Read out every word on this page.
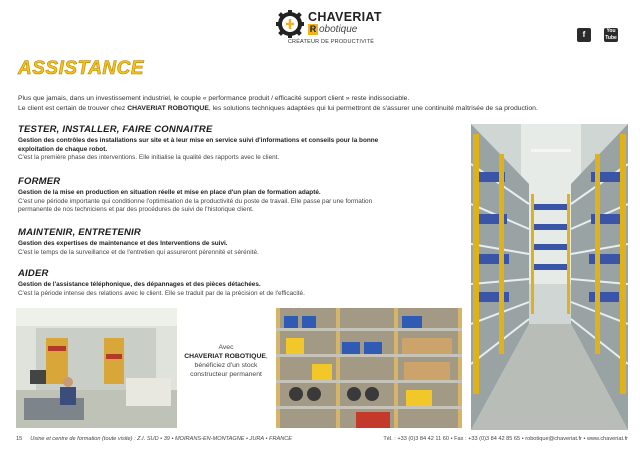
CHAVERIAT
R obotique
CRÉATEUR DE PRODUCTIVITÉ
f	You Tube
ASSISTANCE
Plus que jamais, dans un investissement industriel, le couple « performance produit / efficacité support client » reste indissociable.
Le client est certain de trouver chez CHAVERIAT ROBOTIQUE, les solutions techniques adaptées qui lui permettront de s'assurer une continuité maîtrisée de sa production.
TESTER, INSTALLER, FAIRE CONNAITRE
Gestion des contrôles des installations sur site et à leur mise en service suivi d'informations et conseils pour la bonne
exploitation de chaque robot.
C'est la première phase des interventions. Elle initialise la qualité des rapports avec le client.
FORMER
Gestion de la mise en production en situation réelle et mise en place d'un plan de formation adapté.
C'est une période importante qui conditionne l'optimisation de la productivité du poste de travail. Elle passe par une formation
permanente de nos techniciens et par des procédures de suivi de l'historique client.
MAINTENIR, ENTRETENIR
Gestion des expertises de maintenance et des Interventions de suivi.
C'est le temps de la surveillance et de l'entretien qui assureront pérennité et sérénité.
AIDER
Gestion de l'assistance téléphonique, des dépannages et des pièces détachées.
C'est la période intense des relations avec le client. Elle se traduit par de la précision et de l'efficacité.
Avec
CHAVERIAT ROBOTIQUE, bénéficiez d'un stock
constructeur permanent
15 Usine et centre de formation (toute visite) : Z.I. SUD • 39 • MOIRANS-EN-MONTAGNE • JURA • FRANCE	Tél. : +33 (0)3 84 42 11 60 • Fax : +33 (0)3 84 42 85 65 • robotique@chaveriat.fr • www.chaveriat.fr
